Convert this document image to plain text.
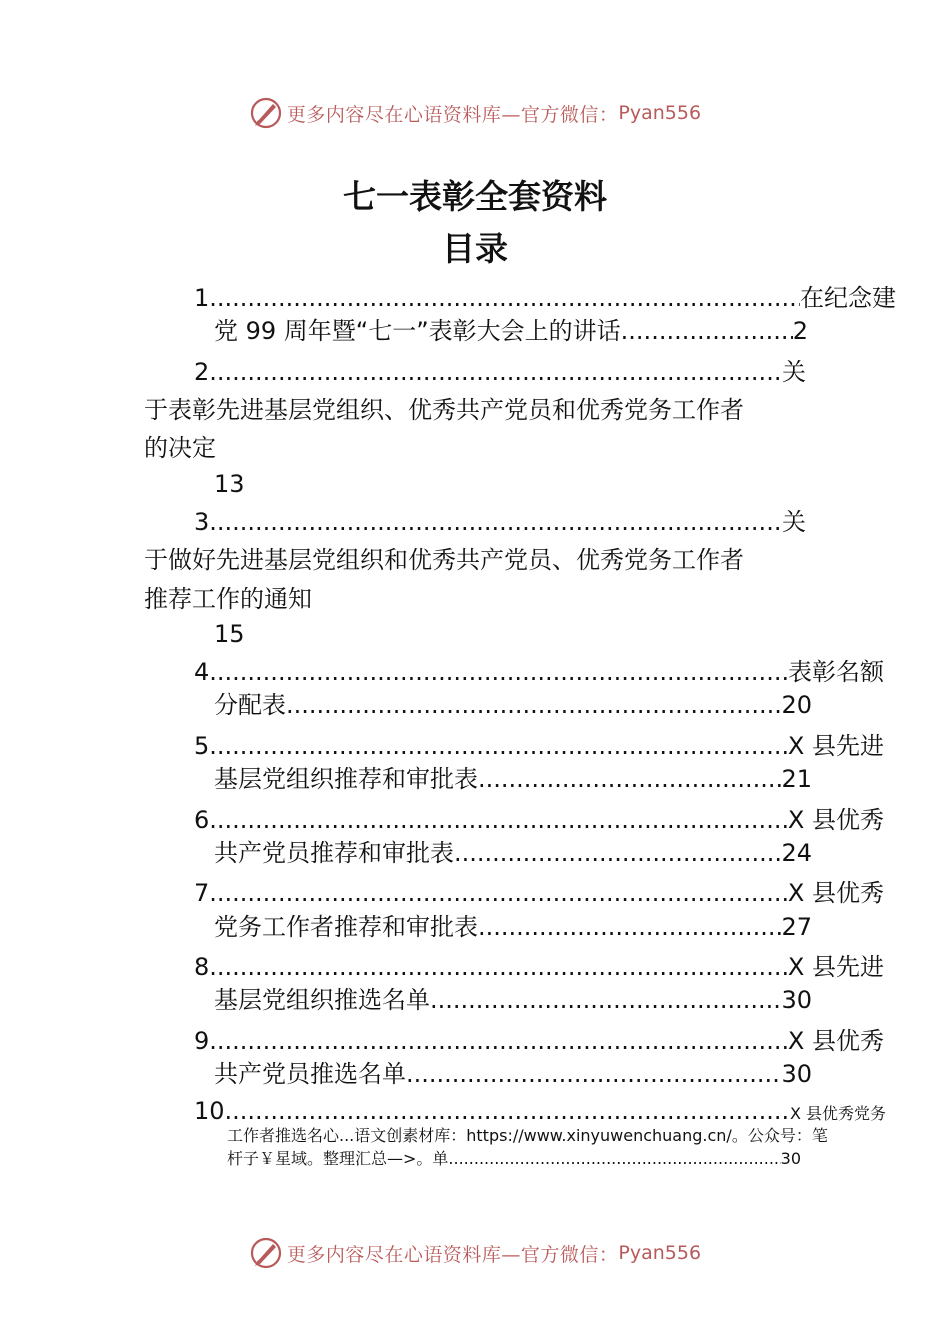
更多内容尽在心语资料库—官方微信： Pyan556
七一表彰全套资料
目录
1. .....	在纪念建
党 99 周年暨“七一”表彰大会上的讲话 .....	2
2. .....	关
于表彰先进基层党组织、优秀共产党员和优秀党务工作者
的决定
13
3. .....	关
于做好先进基层党组织和优秀共产党员、优秀党务工作者
推荐工作的通知
15
4. .....	表彰名额
分配表 .....	20
5. .....	X 县先进
基层党组织推荐和审批表 .....	21
6. .....	X 县优秀
共产党员推荐和审批表 .....	24
7. .....	X 县优秀
党务工作者推荐和审批表 .....	27
8. .....	X 县先进
基层党组织推选名单 .....	30
9. .....	X 县优秀
共产党员推选名单 .....	30
10. .....	X 县优秀党务
工作者推选名心...语文创素材库：https://www.xinyuwenchuang.cn/。公众号：笔
杆子￥星域。整理汇总—>。单 .....	30
更多内容尽在心语资料库—官方微信： Pyan556
